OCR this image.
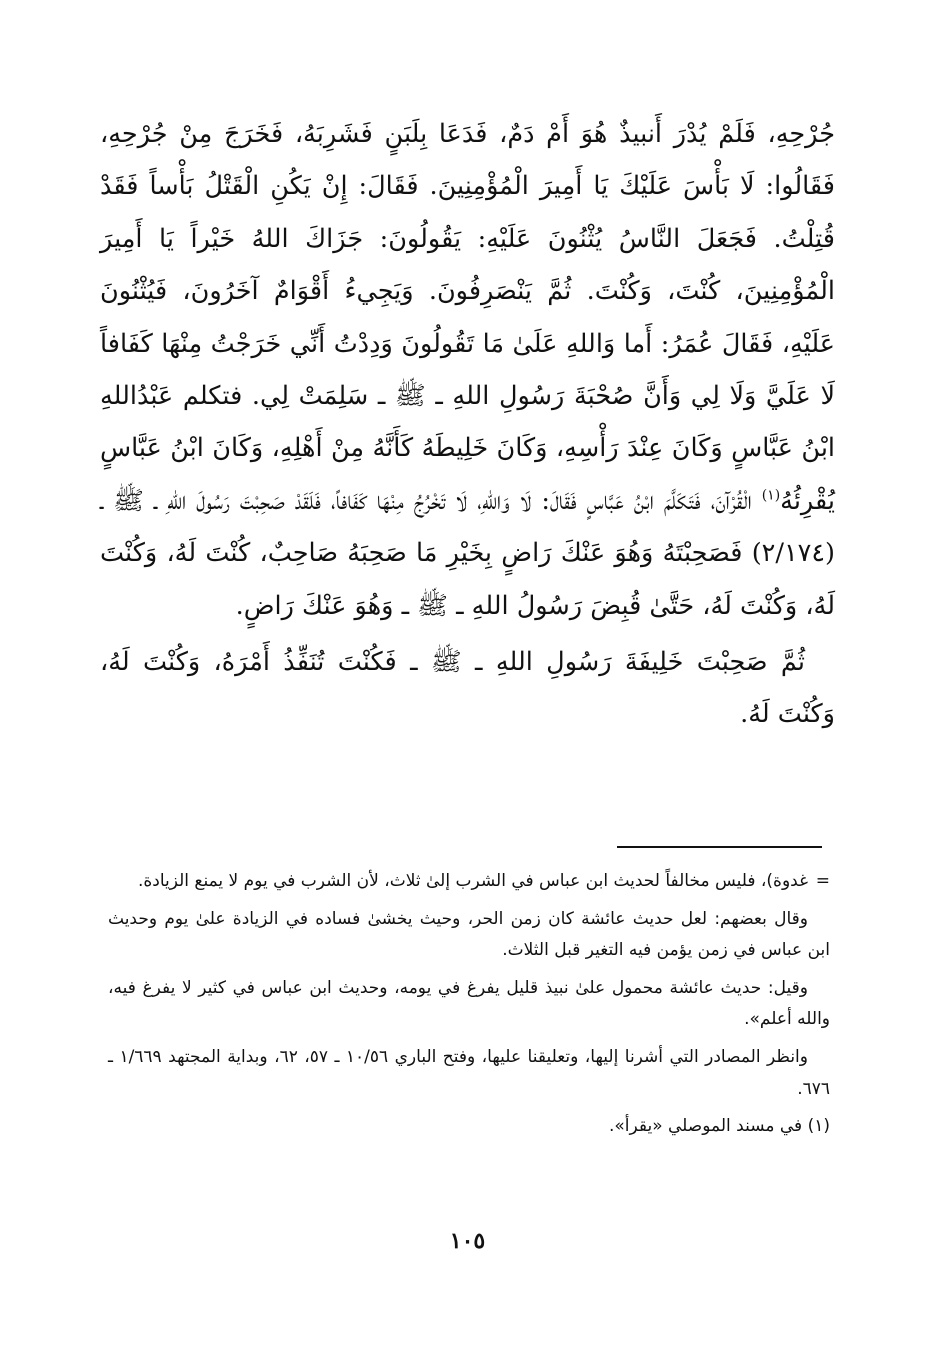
جُرْحِهِ، فَلَمْ يُدْرَ أَنبيذٌ هُوَ أَمْ دَمٌ، فَدَعَا بِلَبَنٍ فَشَرِبَهُ، فَخَرَجَ مِنْ جُرْحِهِ، فَقَالُوا: لَا بَأْسَ عَلَيْكَ يَا أَمِيرَ الْمُؤْمِنِينَ. فَقَالَ: إِنْ يَكُنِ الْقَتْلُ بَأْساً فَقَدْ قُتِلْتُ. فَجَعَلَ النَّاسُ يُثْنُونَ عَلَيْهِ: يَقُولُونَ: جَزَاكَ اللهُ خَيْراً يَا أَمِيرَ الْمُؤْمِنِينَ، كُنْتَ، وَكُنْتَ. ثُمَّ يَنْصَرِفُونَ. وَيَجِيءُ أَقْوَامٌ آخَرُونَ، فَيُثْنُونَ عَلَيْهِ، فَقَالَ عُمَرُ: أَما وَاللهِ عَلَىٰ مَا تَقُولُونَ وَدِدْتُ أَنِّي خَرَجْتُ مِنْهَا كَفَافاً لَا عَلَيَّ وَلَا لِي وَأَنَّ صُحْبَةَ رَسُولِ اللهِ ـ ﷺ ـ سَلِمَتْ لِي. فتكلم عَبْدُاللهِ ابْنُ عَبَّاسٍ وَكَانَ عِنْدَ رَأْسِهِ، وَكَانَ خَلِيطَهُ كَأَنَّهُ مِنْ أَهْلِهِ، وَكَانَ ابْنُ عَبَّاسٍ يُقْرِئُهُ$^{(١)}$ الْقُرْآنَ، فَتَكَلَّمَ ابْنُ عَبَّاسٍ فَقَالَ: لَا وَاللهِ، لَا تَخْرُجُ مِنْهَا كَفَافاً، فَلَقَدْ صَحِبْتَ رَسُولَ اللهِ ـ ﷺ ـ (٢/١٧٤) فَصَحِبْتَهُ وَهُوَ عَنْكَ رَاضٍ بِخَيْرِ مَا صَحِبَهُ صَاحِبٌ، كُنْتَ لَهُ، وَكُنْتَ لَهُ، وَكُنْتَ لَهُ، حَتَّىٰ قُبِضَ رَسُولُ اللهِ ـ ﷺ ـ وَهُوَ عَنْكَ رَاضٍ.

ثُمَّ صَحِبْتَ خَلِيفَةَ رَسُولِ اللهِ ـ ﷺ ـ فَكُنْتَ تُنَفِّذُ أَمْرَهُ، وَكُنْتَ لَهُ، وَكُنْتَ لَهُ.

=
غدوة)، فليس مخالفاً لحديث ابن عباس في الشرب إلىٰ ثلاث، لأن الشرب في يوم لا يمنع الزيادة.

وقال بعضهم: لعل حديث عائشة كان زمن الحر، وحيث يخشىٰ فساده في الزيادة علىٰ يوم وحديث ابن عباس في زمن يؤمن فيه التغير قبل الثلاث.

وقيل: حديث عائشة محمول علىٰ نبيذ قليل يفرغ في يومه، وحديث ابن عباس في كثير لا يفرغ فيه، والله أعلم».

وانظر المصادر التي أشرنا إليها، وتعليقنا عليها، وفتح الباري ١٠/٥٦ ـ ٥٧، ٦٢، وبداية المجتهد ١/٦٦٩ ـ ٦٧٦.

(١) في مسند الموصلي «يقرأ».

١٠٥
